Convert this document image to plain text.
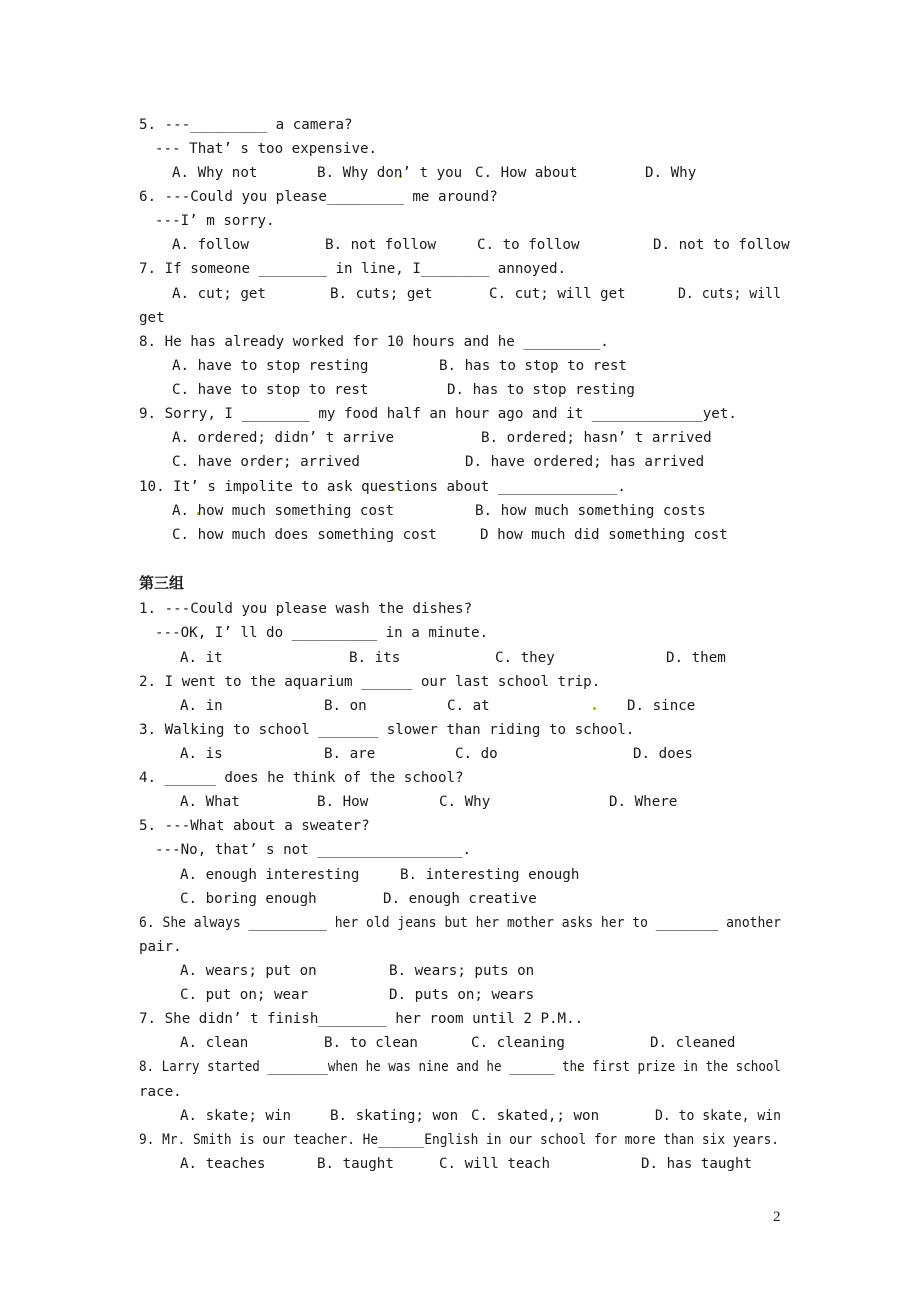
第三组
2
5. ---_________ a camera?
--- That’ s too expensive.
A. Why not	B. Why don’ t you C. How about	D. Why
6. ---Could you please_________ me around?
---I’ m sorry.
A. follow	B. not follow	C. to follow	D. not to follow
7. If someone ________ in line, I________ annoyed.
A. cut; get	B. cuts; get	C. cut; will get	D. cuts; will
get
8. He has already worked for 10 hours and he _________.
A. have to stop resting	B. has to stop to rest
C. have to stop to rest	D. has to stop resting
9. Sorry, I ________ my food half an hour ago and it _____________yet.
A. ordered; didn’ t arrive	B. ordered; hasn’ t arrived
C. have order; arrived	D. have ordered; has arrived
10. It’ s impolite to ask questions about ______________.
A. how much something cost	B. how much something costs
C. how much does something cost	D how much did something cost
1. ---Could you please wash the dishes?
---OK, I’ ll do __________ in a minute.
A. it	B. its	C. they	D. them
2. I went to the aquarium ______ our last school trip.
A. in	B. on	C. at	D. since
3. Walking to school _______ slower than riding to school.
A. is	B. are	C. do	D. does
4. ______ does he think of the school?
A. What	B. How	C. Why	D. Where
5. ---What about a sweater?
---No, that’ s not _________________.
A. enough interesting	B. interesting enough
C. boring enough	D. enough creative
6. She always __________ her old jeans but her mother asks her to ________ another
pair.
A. wears; put on	B. wears; puts on
C. put on; wear	D. puts on; wears
7. She didn’ t finish________ her room until 2 P.M..
A. clean	B. to clean	C. cleaning	D. cleaned
8. Larry started ________when he was nine and he ______ the first prize in the school
race.
A. skate; win	B. skating; won C. skated,; won	D. to skate, win
9. Mr. Smith is our teacher. He______English in our school for more than six years.
A. teaches	B. taught	C. will teach	D. has taught
